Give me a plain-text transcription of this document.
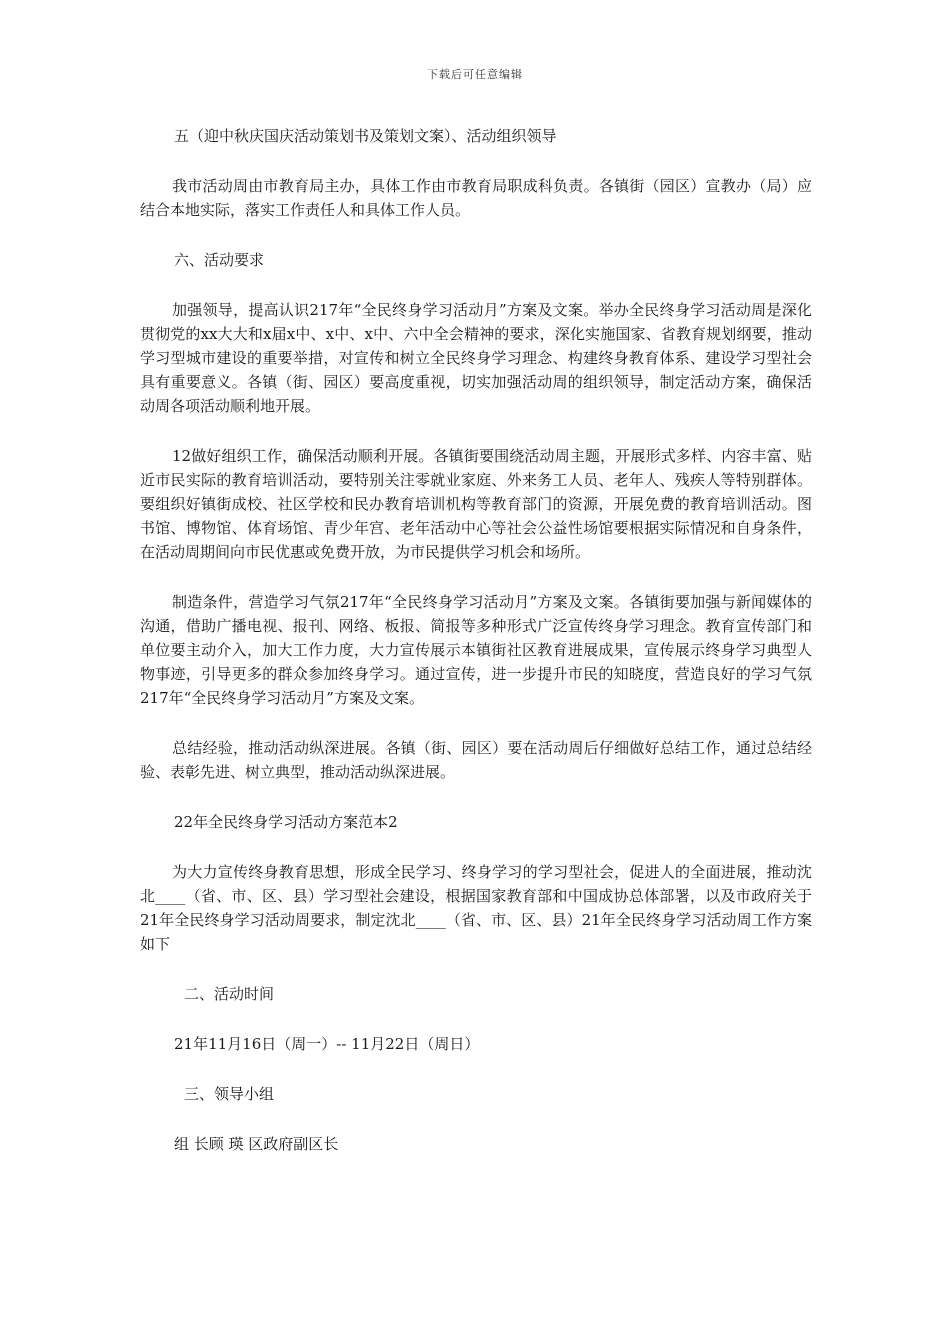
下载后可任意编辑

五（迎中秋庆国庆活动策划书及策划文案）、活动组织领导

我市活动周由市教育局主办，具体工作由市教育局职成科负责。各镇街（园区）宣教办（局）应结合本地实际，落实工作责任人和具体工作人员。

六、活动要求

加强领导，提高认识217年“全民终身学习活动月”方案及文案。举办全民终身学习活动周是深化贯彻党的xx大大和x届x中、x中、x中、六中全会精神的要求，深化实施国家、省教育规划纲要，推动学习型城市建设的重要举措，对宣传和树立全民终身学习理念、构建终身教育体系、建设学习型社会具有重要意义。各镇（街、园区）要高度重视，切实加强活动周的组织领导，制定活动方案，确保活动周各项活动顺利地开展。

12做好组织工作，确保活动顺利开展。各镇街要围绕活动周主题，开展形式多样、内容丰富、贴近市民实际的教育培训活动，要特别关注零就业家庭、外来务工人员、老年人、残疾人等特别群体。要组织好镇街成校、社区学校和民办教育培训机构等教育部门的资源，开展免费的教育培训活动。图书馆、博物馆、体育场馆、青少年宫、老年活动中心等社会公益性场馆要根据实际情况和自身条件，在活动周期间向市民优惠或免费开放，为市民提供学习机会和场所。

制造条件，营造学习气氛217年“全民终身学习活动月”方案及文案。各镇街要加强与新闻媒体的沟通，借助广播电视、报刊、网络、板报、简报等多种形式广泛宣传终身学习理念。教育宣传部门和单位要主动介入，加大工作力度，大力宣传展示本镇街社区教育进展成果，宣传展示终身学习典型人物事迹，引导更多的群众参加终身学习。通过宣传，进一步提升市民的知晓度，营造良好的学习气氛217年“全民终身学习活动月”方案及文案。

总结经验，推动活动纵深进展。各镇（街、园区）要在活动周后仔细做好总结工作，通过总结经验、表彰先进、树立典型，推动活动纵深进展。

22年全民终身学习活动方案范本2

为大力宣传终身教育思想，形成全民学习、终身学习的学习型社会，促进人的全面进展，推动沈北____（省、市、区、县）学习型社会建设，根据国家教育部和中国成协总体部署，以及市政府关于21年全民终身学习活动周要求，制定沈北____（省、市、区、县）21年全民终身学习活动周工作方案如下

二、活动时间

21年11月16日（周一）-- 11月22日（周日）

三、领导小组

组 长顾 瑛 区政府副区长
